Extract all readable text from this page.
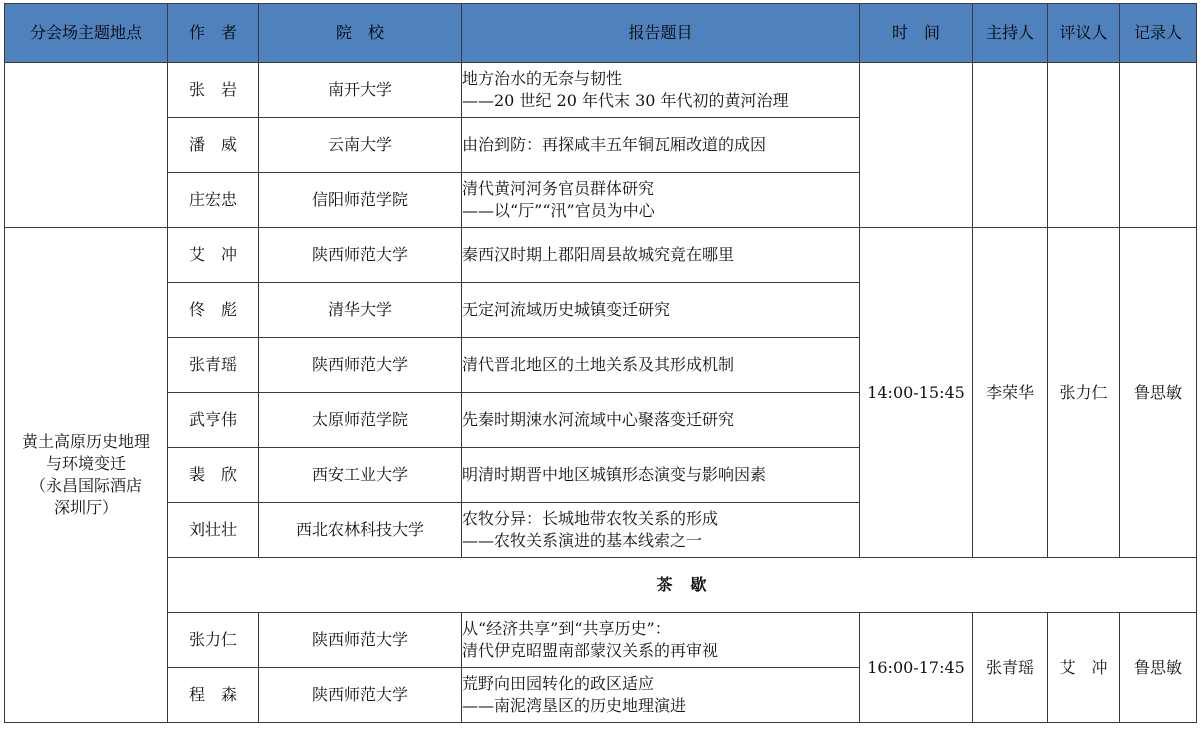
分会场主题地点	作　者	院　校	报告题目	时　间	主持人	评议人	记录人
	张　岩	南开大学	地方治水的无奈与韧性
——20 世纪 20 年代末 30 年代初的黄河治理				

	潘　威	云南大学	由治到防：再探咸丰五年铜瓦厢改道的成因				

	庄宏忠	信阳师范学院	清代黄河河务官员群体研究
——以“厅”“汛”官员为中心				

黄土高原历史地理
与环境变迁
（永昌国际酒店
深圳厅）	艾　冲	陕西师范大学	秦西汉时期上郡阳周县故城究竟在哪里	14:00-15:45	李荣华	张力仁	鲁思敏
	佟　彪	清华大学	无定河流域历史城镇变迁研究				

	张青瑶	陕西师范大学	清代晋北地区的土地关系及其形成机制				

	武亨伟	太原师范学院	先秦时期涑水河流域中心聚落变迁研究				

	裴　欣	西安工业大学	明清时期晋中地区城镇形态演变与影响因素				

	刘壮壮	西北农林科技大学	农牧分异：长城地带农牧关系的形成
——农牧关系演进的基本线索之一				

	茶　歇						
	张力仁	陕西师范大学	从“经济共享”到“共享历史”：
清代伊克昭盟南部蒙汉关系的再审视	16:00-17:45	张青瑶	艾　冲	鲁思敏
	程　森	陕西师范大学	荒野向田园转化的政区适应
——南泥湾垦区的历史地理演进				
